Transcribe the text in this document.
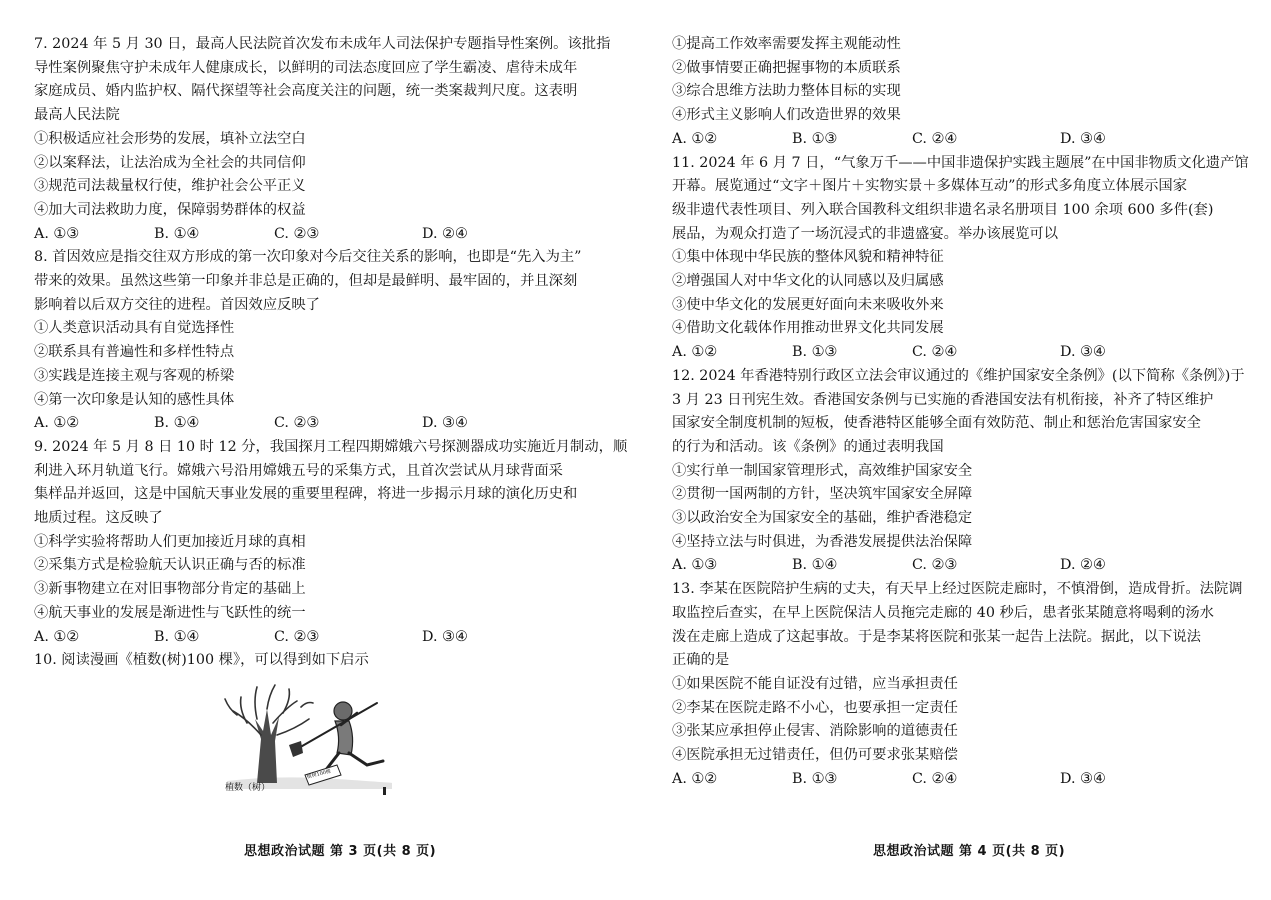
7. 2024 年 5 月 30 日，最高人民法院首次发布未成年人司法保护专题指导性案例。该批指
导性案例聚焦守护未成年人健康成长，以鲜明的司法态度回应了学生霸凌、虐待未成年
家庭成员、婚内监护权、隔代探望等社会高度关注的问题，统一类案裁判尺度。这表明
最高人民法院
①积极适应社会形势的发展，填补立法空白
②以案释法，让法治成为全社会的共同信仰
③规范司法裁量权行使，维护社会公平正义
④加大司法救助力度，保障弱势群体的权益
A. ①③	B. ①④	C. ②③	D. ②④
8. 首因效应是指交往双方形成的第一次印象对今后交往关系的影响，也即是“先入为主”
带来的效果。虽然这些第一印象并非总是正确的，但却是最鲜明、最牢固的，并且深刻
影响着以后双方交往的进程。首因效应反映了
①人类意识活动具有自觉选择性
②联系具有普遍性和多样性特点
③实践是连接主观与客观的桥梁
④第一次印象是认知的感性具体
A. ①②	B. ①④	C. ②③	D. ③④
9. 2024 年 5 月 8 日 10 时 12 分，我国探月工程四期嫦娥六号探测器成功实施近月制动，顺
利进入环月轨道飞行。嫦娥六号沿用嫦娥五号的采集方式，且首次尝试从月球背面采
集样品并返回，这是中国航天事业发展的重要里程碑，将进一步揭示月球的演化历史和
地质过程。这反映了
①科学实验将帮助人们更加接近月球的真相
②采集方式是检验航天认识正确与否的标准
③新事物建立在对旧事物部分肯定的基础上
④航天事业的发展是渐进性与飞跃性的统一
A. ①②	B. ①④	C. ②③	D. ③④
10. 阅读漫画《植数(树)100 棵》，可以得到如下启示
植数（树）
植树100棵
思想政治试题 第 3 页(共 8 页)
①提高工作效率需要发挥主观能动性
②做事情要正确把握事物的本质联系
③综合思维方法助力整体目标的实现
④形式主义影响人们改造世界的效果
A. ①②	B. ①③	C. ②④	D. ③④
11. 2024 年 6 月 7 日，“气象万千——中国非遗保护实践主题展”在中国非物质文化遗产馆
开幕。展览通过“文字＋图片＋实物实景＋多媒体互动”的形式多角度立体展示国家
级非遗代表性项目、列入联合国教科文组织非遗名录名册项目 100 余项 600 多件(套)
展品，为观众打造了一场沉浸式的非遗盛宴。举办该展览可以
①集中体现中华民族的整体风貌和精神特征
②增强国人对中华文化的认同感以及归属感
③使中华文化的发展更好面向未来吸收外来
④借助文化载体作用推动世界文化共同发展
A. ①②	B. ①③	C. ②④	D. ③④
12. 2024 年香港特别行政区立法会审议通过的《维护国家安全条例》(以下简称《条例》)于
3 月 23 日刊宪生效。香港国安条例与已实施的香港国安法有机衔接，补齐了特区维护
国家安全制度机制的短板，使香港特区能够全面有效防范、制止和惩治危害国家安全
的行为和活动。该《条例》的通过表明我国
①实行单一制国家管理形式，高效维护国家安全
②贯彻一国两制的方针，坚决筑牢国家安全屏障
③以政治安全为国家安全的基础，维护香港稳定
④坚持立法与时俱进，为香港发展提供法治保障
A. ①③	B. ①④	C. ②③	D. ②④
13. 李某在医院陪护生病的丈夫，有天早上经过医院走廊时，不慎滑倒，造成骨折。法院调
取监控后查实，在早上医院保洁人员拖完走廊的 40 秒后，患者张某随意将喝剩的汤水
泼在走廊上造成了这起事故。于是李某将医院和张某一起告上法院。据此，以下说法
正确的是
①如果医院不能自证没有过错，应当承担责任
②李某在医院走路不小心，也要承担一定责任
③张某应承担停止侵害、消除影响的道德责任
④医院承担无过错责任，但仍可要求张某赔偿
A. ①②	B. ①③	C. ②④	D. ③④
思想政治试题 第 4 页(共 8 页)
